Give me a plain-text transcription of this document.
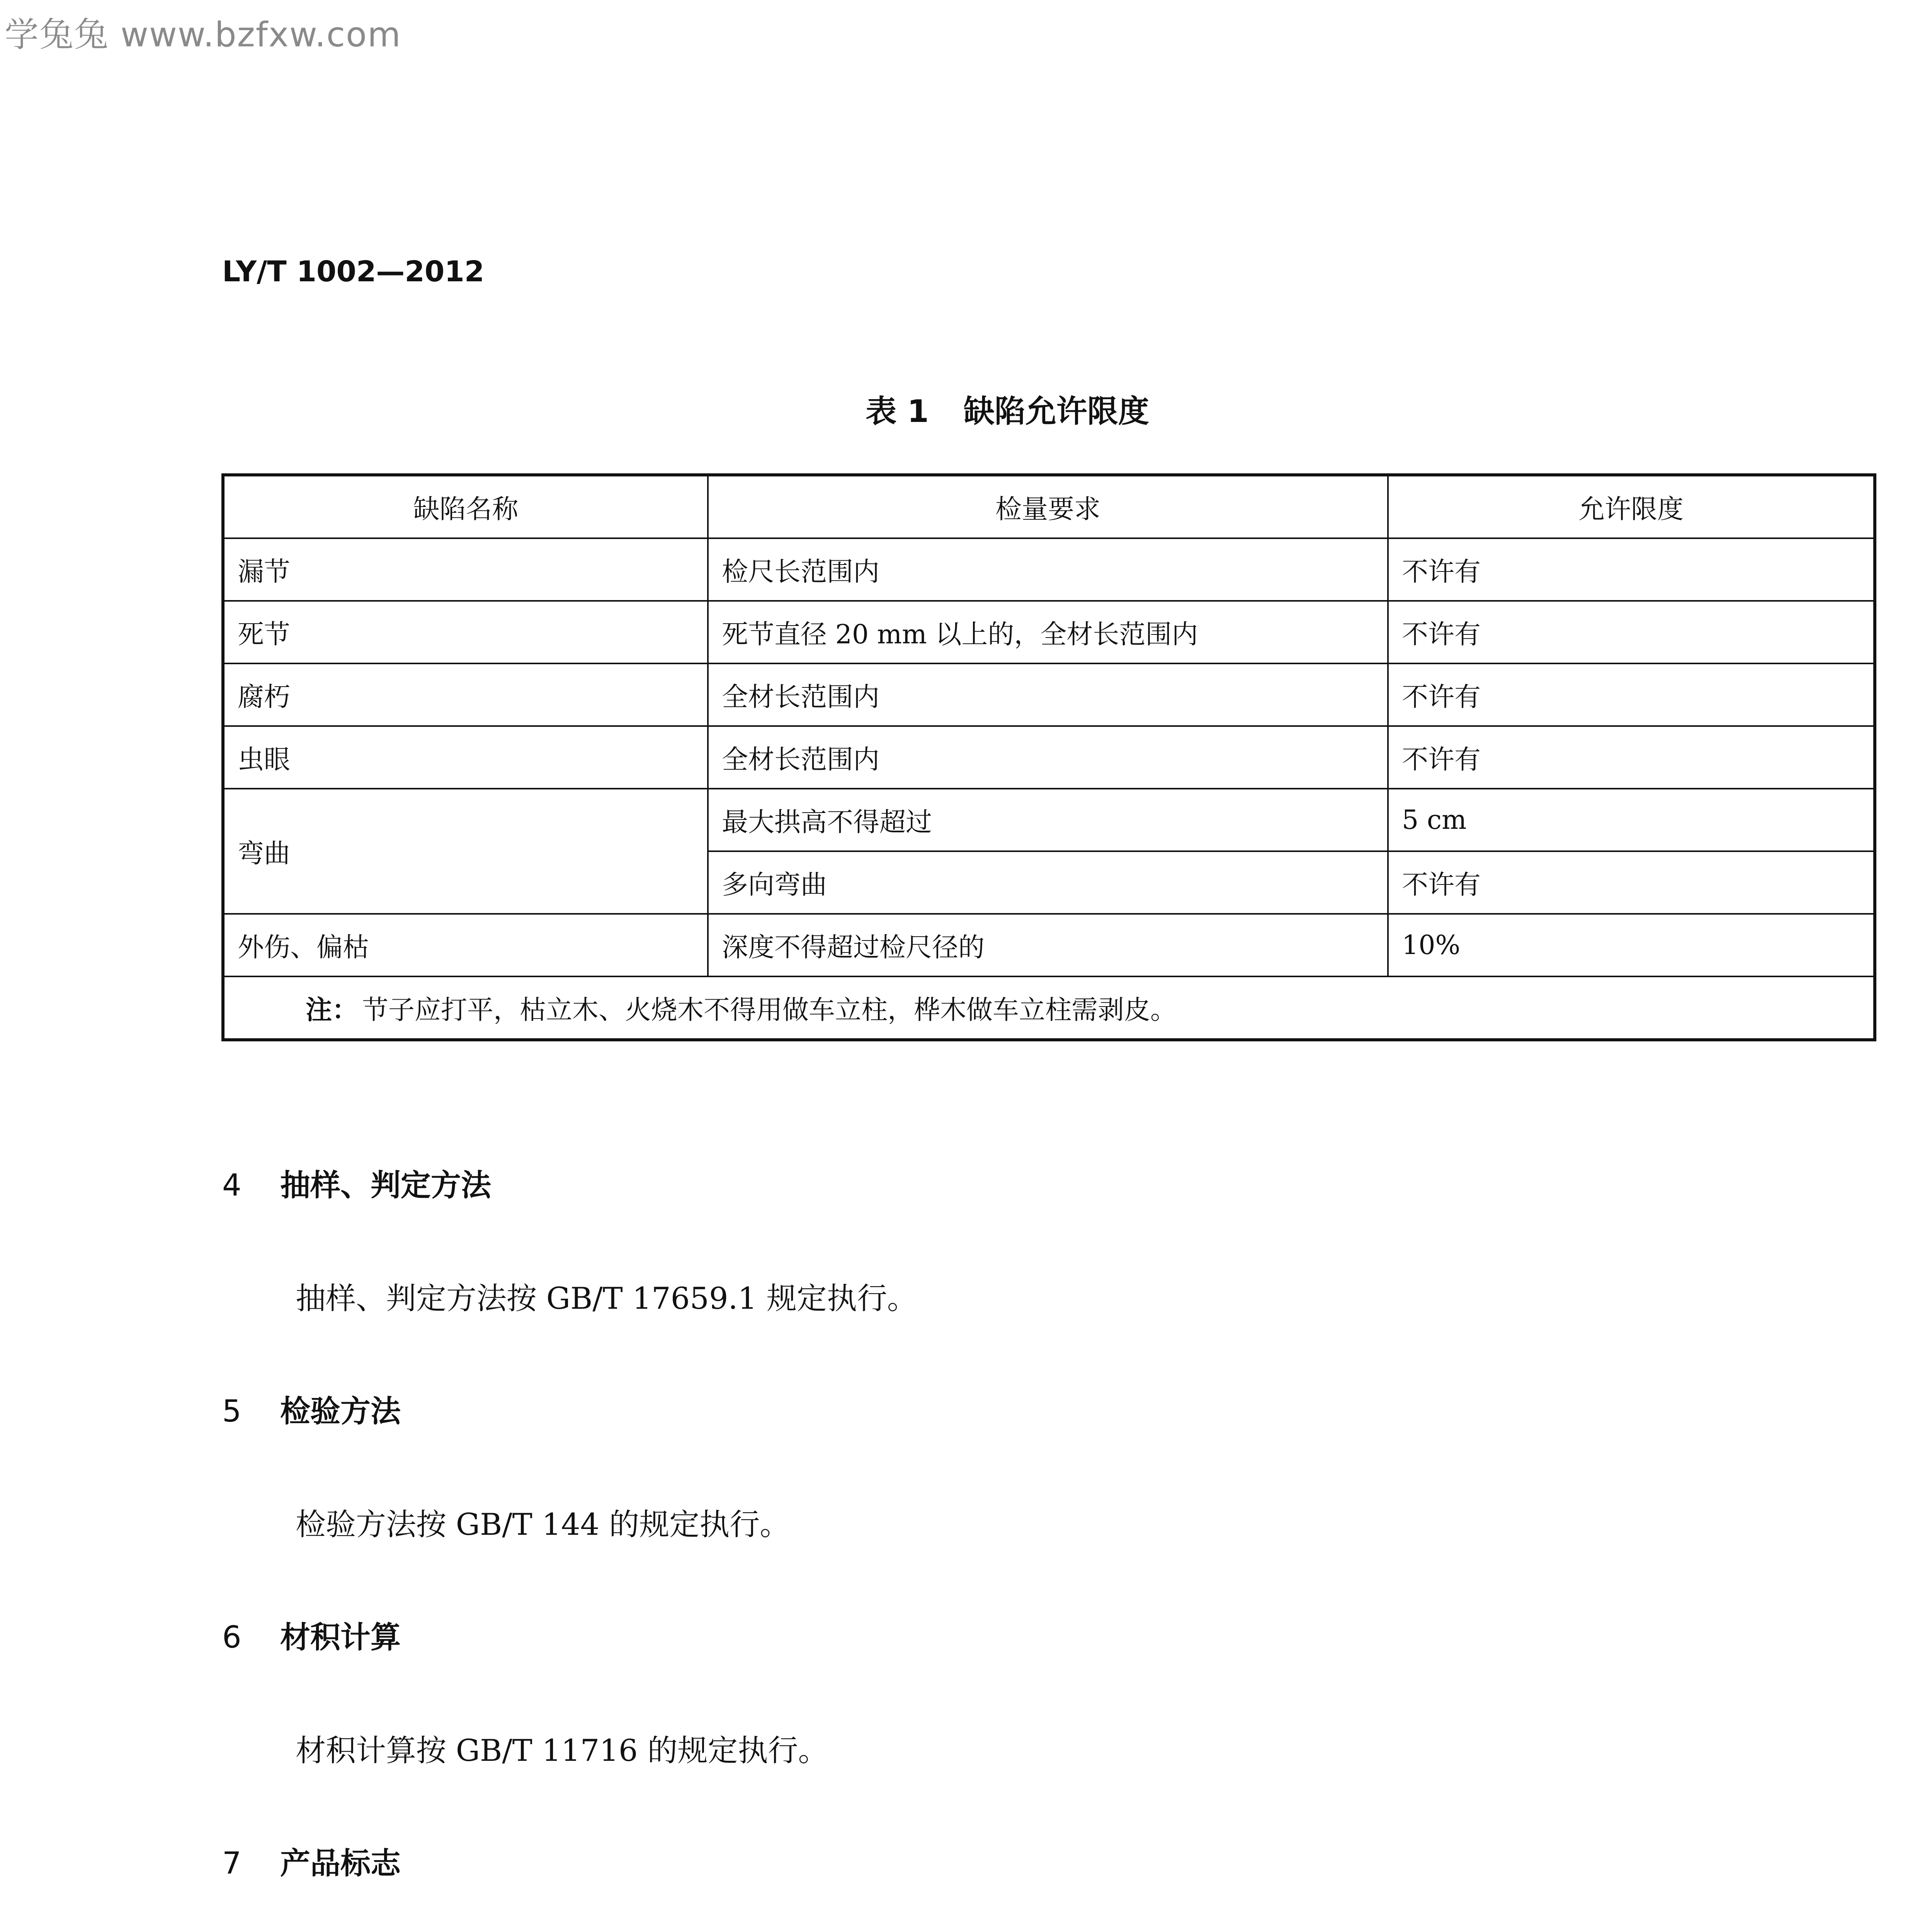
学兔兔 www.bzfxw.com
LY/T 1002—2012
表 1 缺陷允许限度
缺陷名称	检量要求	允许限度
漏节	检尺长范围内	不许有
死节	死节直径 20 mm 以上的，全材长范围内	不许有
腐朽	全材长范围内	不许有
虫眼	全材长范围内	不许有
弯曲	最大拱高不得超过	5 cm
	多向弯曲	不许有
外伤、偏枯	深度不得超过检尺径的	10%
注： 节子应打平，枯立木、火烧木不得用做车立柱，桦木做车立柱需剥皮。		
4 抽样、判定方法
抽样、判定方法按 GB/T 17659.1 规定执行。
5 检验方法
检验方法按 GB/T 144 的规定执行。
6 材积计算
材积计算按 GB/T 11716 的规定执行。
7 产品标志
